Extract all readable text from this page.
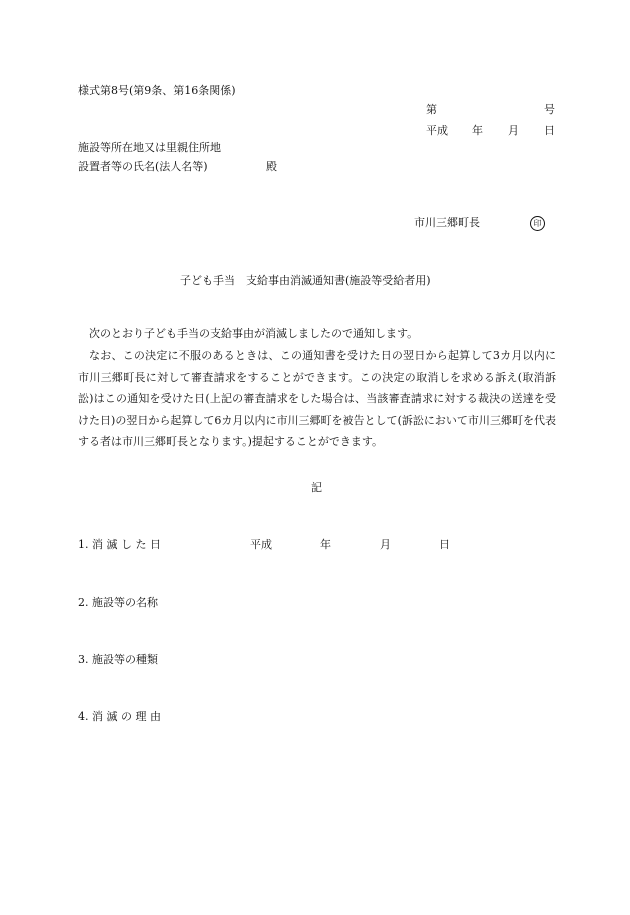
様式第8号(第9条、第16条関係)
第	号
平成 年 月 日
施設等所在地又は里親住所地
設置者等の氏名(法人名等)	殿
市川三郷町長	印
子ども手当　支給事由消滅通知書(施設等受給者用)
次のとおり子ども手当の支給事由が消滅しましたので通知します。
なお、この決定に不服のあるときは、この通知書を受けた日の翌日から起算して3カ月以内に市川三郷町長に対して審査請求をすることができます。この決定の取消しを求める訴え(取消訴訟)はこの通知を受けた日(上記の審査請求をした場合は、当該審査請求に対する裁決の送達を受けた日)の翌日から起算して6カ月以内に市川三郷町を被告として(訴訟において市川三郷町を代表する者は市川三郷町長となります。)提起することができます。
記
1. 消 滅 し た 日	平成	年	月	日
2. 施設等の名称
3. 施設等の種類
4. 消 滅 の 理 由
